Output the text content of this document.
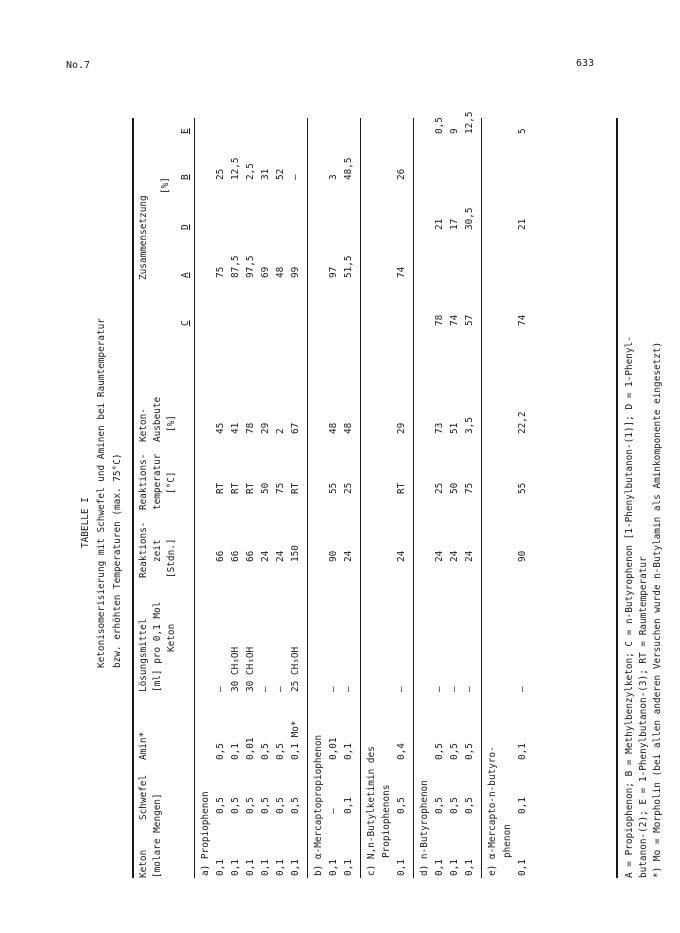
No.7	633
TABELLE I Ketonisomerisierung mit Schwefel und Aminen bei Raumtemperatur bzw. erhöhten Temperaturen (max. 75°C)
Keton
Schwefel [molare Mengen]
Amin*
Lösungsmittel [ml] pro 0,1 Mol Keton
Reaktions- zeit [Stdn.]
Reaktions- temperatur [°C]
Keton- Ausbeute [%]
Zusammensetzung
[%]
C
A
D
B
E
A = Propiophenon; B = Methylbenzylketon; C = n-Butyrophenon [1-Phenylbutanon-(1)]; D = 1-Phenyl- butanon-(2); E = 1-Phenylbutanon-(3); RT = Raumtemperatur *) Mo = Morpholin (bei allen anderen Versuchen wurde n-Butylamin als Aminkomponente eingesetzt)
a) Propiophenon 0,1
0,5
0,5
–
66
RT
45
75
25
0,1
0,5
0,1
30 CH₃OH
66
RT
41
87,5
12,5
0,1
0,5
0,01
30 CH₃OH
66
RT
78
97,5
2,5
0,1
0,5
0,5
–
24
50
29
69
31
0,1
0,5
0,5
–
24
75
2
48
52
0,1
0,5
0,1 Mo*
25 CH₃OH
150
RT
67
99
–
b) α-Mercaptopropiophenon 0,1
–
0,01
–
90
55
48
97
3
0,1
0,1
0,1
–
24
25
48
51,5
48,5
c) N,n-Butylketimin des Propiophenons
0,1
0,5
0,4
–
24
RT
29
74
26
d) n-Butyrophenon 0,1
0,5
0,5
–
24
25
73
78
21
0,5
0,1
0,5
0,5
–
24
50
51
74
17
9
0,1
0,5
0,5
–
24
75
3,5
57
30,5
12,5
e) α-Mercapto-n-butyro- phenon
0,1
0,1
0,1
–
90
55
22,2
74
21
5
